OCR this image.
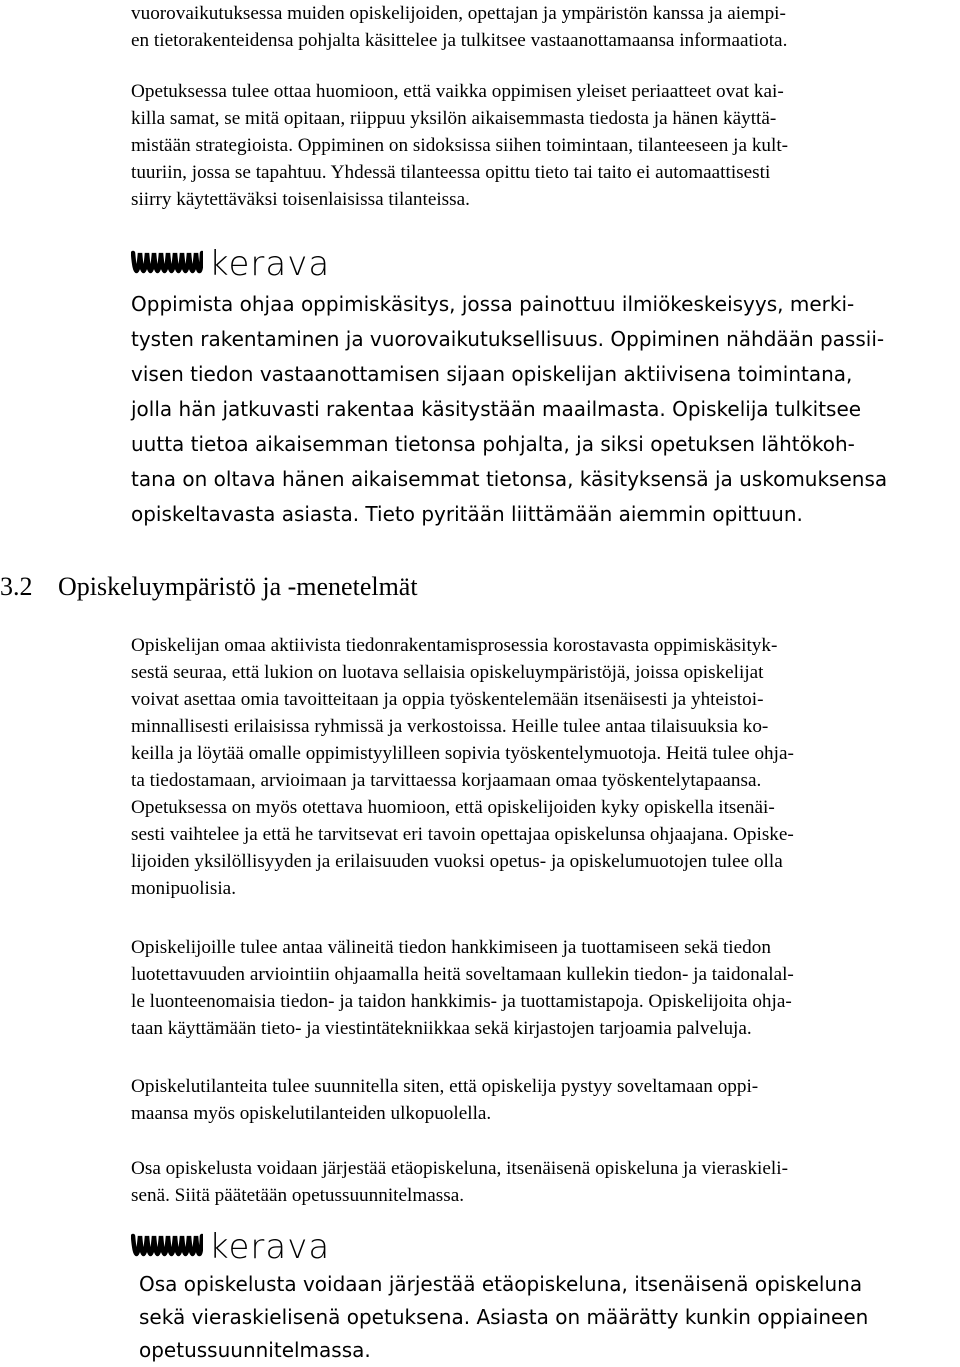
vuorovaikutuksessa muiden opiskelijoiden, opettajan ja ympäristön kanssa ja aiempi-

en tietorakenteidensa pohjalta käsittelee ja tulkitsee vastaanottamaansa informaatiota.

Opetuksessa tulee ottaa huomioon, että vaikka oppimisen yleiset periaatteet ovat kai-

killa samat, se mitä opitaan, riippuu yksilön aikaisemmasta tiedosta ja hänen käyttä-

mistään strategioista. Oppiminen on sidoksissa siihen toimintaan, tilanteeseen ja kult-

tuuriin, jossa se tapahtuu. Yhdessä tilanteessa opittu tieto tai taito ei automaattisesti

siirry käytettäväksi toisenlaisissa tilanteissa.

kerava

Oppimista ohjaa oppimiskäsitys, jossa painottuu ilmiökeskeisyys, merki-

tysten rakentaminen ja vuorovaikutuksellisuus. Oppiminen nähdään passii-

visen tiedon vastaanottamisen sijaan opiskelijan aktiivisena toimintana,

jolla hän jatkuvasti rakentaa käsitystään maailmasta. Opiskelija tulkitsee

uutta tietoa aikaisemman tietonsa pohjalta, ja siksi opetuksen lähtökoh-

tana on oltava hänen aikaisemmat tietonsa, käsityksensä ja uskomuksensa

opiskeltavasta asiasta. Tieto pyritään liittämään aiemmin opittuun.

3.2 Opiskeluympäristö ja -menetelmät

Opiskelijan omaa aktiivista tiedonrakentamisprosessia korostavasta oppimiskäsityk-

sestä seuraa, että lukion on luotava sellaisia opiskeluympäristöjä, joissa opiskelijat

voivat asettaa omia tavoitteitaan ja oppia työskentelemään itsenäisesti ja yhteistoi-

minnallisesti erilaisissa ryhmissä ja verkostoissa. Heille tulee antaa tilaisuuksia ko-

keilla ja löytää omalle oppimistyylilleen sopivia työskentelymuotoja. Heitä tulee ohja-

ta tiedostamaan, arvioimaan ja tarvittaessa korjaamaan omaa työskentelytapaansa.

Opetuksessa on myös otettava huomioon, että opiskelijoiden kyky opiskella itsenäi-

sesti vaihtelee ja että he tarvitsevat eri tavoin opettajaa opiskelunsa ohjaajana. Opiske-

lijoiden yksilöllisyyden ja erilaisuuden vuoksi opetus- ja opiskelumuotojen tulee olla

monipuolisia.

Opiskelijoille tulee antaa välineitä tiedon hankkimiseen ja tuottamiseen sekä tiedon

luotettavuuden arviointiin ohjaamalla heitä soveltamaan kullekin tiedon- ja taidonalal-

le luonteenomaisia tiedon- ja taidon hankkimis- ja tuottamistapoja. Opiskelijoita ohja-

taan käyttämään tieto- ja viestintätekniikkaa sekä kirjastojen tarjoamia palveluja.

Opiskelutilanteita tulee suunnitella siten, että opiskelija pystyy soveltamaan oppi-

maansa myös opiskelutilanteiden ulkopuolella.

Osa opiskelusta voidaan järjestää etäopiskeluna, itsenäisenä opiskeluna ja vieraskieli-

senä. Siitä päätetään opetussuunnitelmassa.

kerava

Osa opiskelusta voidaan järjestää etäopiskeluna, itsenäisenä opiskeluna

sekä vieraskielisenä opetuksena. Asiasta on määrätty kunkin oppiaineen

opetussuunnitelmassa.
